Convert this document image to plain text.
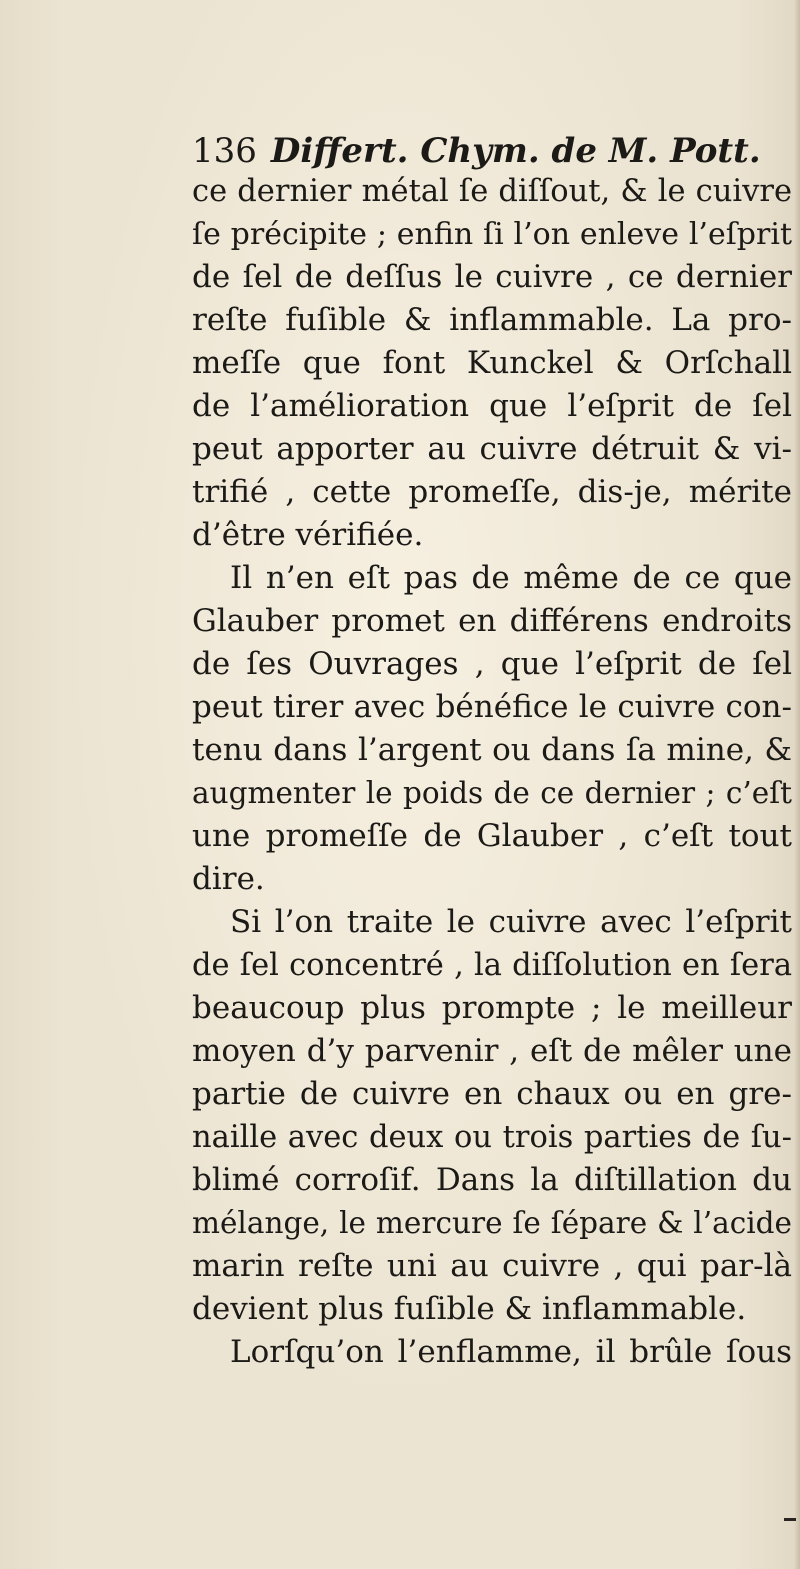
136 Differt. Chym. de M. Pott.
ce dernier métal ſe diſſout, & le cuivre
ſe précipite ; enfin ſi l’on enleve l’eſprit
de ſel de deſſus le cuivre , ce dernier
reſte fuſible & inflammable. La pro-
meſſe que font Kunckel & Orſchall
de l’amélioration que l’eſprit de ſel
peut apporter au cuivre détruit & vi-
trifié , cette promeſſe, dis-je, mérite
d’être vérifiée.
Il n’en eſt pas de même de ce que
Glauber promet en différens endroits
de ſes Ouvrages , que l’eſprit de ſel
peut tirer avec bénéfice le cuivre con-
tenu dans l’argent ou dans ſa mine, &
augmenter le poids de ce dernier ; c’eſt
une promeſſe de Glauber , c’eſt tout
dire.
Si l’on traite le cuivre avec l’eſprit
de ſel concentré , la diſſolution en ſera
beaucoup plus prompte ; le meilleur
moyen d’y parvenir , eſt de mêler une
partie de cuivre en chaux ou en gre-
naille avec deux ou trois parties de ſu-
blimé corroſif. Dans la diſtillation du
mélange, le mercure ſe ſépare & l’acide
marin reſte uni au cuivre , qui par-là
devient plus fuſible & inflammable.
Lorſqu’on l’enflamme, il brûle ſous
